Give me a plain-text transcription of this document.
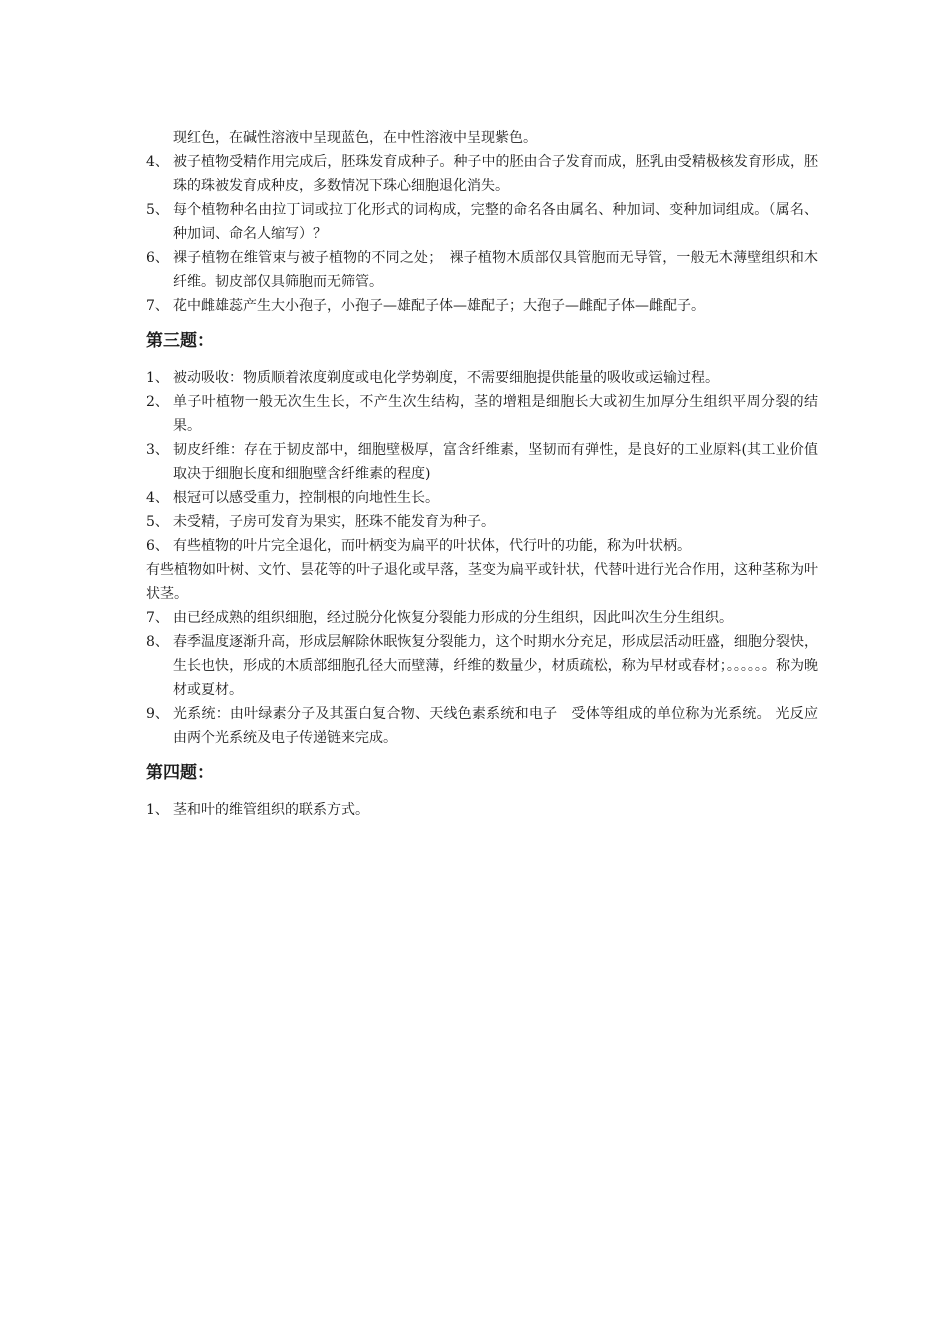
现红色，在碱性溶液中呈现蓝色，在中性溶液中呈现紫色。

4、 被子植物受精作用完成后，胚珠发育成种子。种子中的胚由合子发育而成，胚乳由受精极核发育形成，胚珠的珠被发育成种皮，多数情况下珠心细胞退化消失。
5、 每个植物种名由拉丁词或拉丁化形式的词构成，完整的命名各由属名、种加词、变种加词组成。（属名、种加词、命名人缩写）？
6、 裸子植物在维管束与被子植物的不同之处；　裸子植物木质部仅具管胞而无导管，一般无木薄壁组织和木纤维。韧皮部仅具筛胞而无筛管。
7、 花中雌雄蕊产生大小孢子，小孢子—雄配子体—雄配子；大孢子—雌配子体—雌配子。
第三题：
1、 被动吸收：物质顺着浓度剃度或电化学势剃度，不需要细胞提供能量的吸收或运输过程。
2、 单子叶植物一般无次生生长，不产生次生结构，茎的增粗是细胞长大或初生加厚分生组织平周分裂的结果。
3、 韧皮纤维：存在于韧皮部中，细胞壁极厚，富含纤维素，坚韧而有弹性，是良好的工业原料(其工业价值取决于细胞长度和细胞壁含纤维素的程度)
4、 根冠可以感受重力，控制根的向地性生长。
5、 未受精，子房可发育为果实，胚珠不能发育为种子。
6、 有些植物的叶片完全退化，而叶柄变为扁平的叶状体，代行叶的功能，称为叶状柄。

有些植物如叶树、文竹、昙花等的叶子退化或早落，茎变为扁平或针状，代替叶进行光合作用，这种茎称为叶状茎。

7、 由已经成熟的组织细胞，经过脱分化恢复分裂能力形成的分生组织，因此叫次生分生组织。
8、 春季温度逐渐升高，形成层解除休眠恢复分裂能力，这个时期水分充足，形成层活动旺盛，细胞分裂快，生长也快，形成的木质部细胞孔径大而壁薄，纤维的数量少，材质疏松，称为早材或春材；。。。。。。称为晚材或夏材。
9、 光系统：由叶绿素分子及其蛋白复合物、天线色素系统和电子　受体等组成的单位称为光系统。 光反应由两个光系统及电子传递链来完成。
第四题：
1、 茎和叶的维管组织的联系方式。
